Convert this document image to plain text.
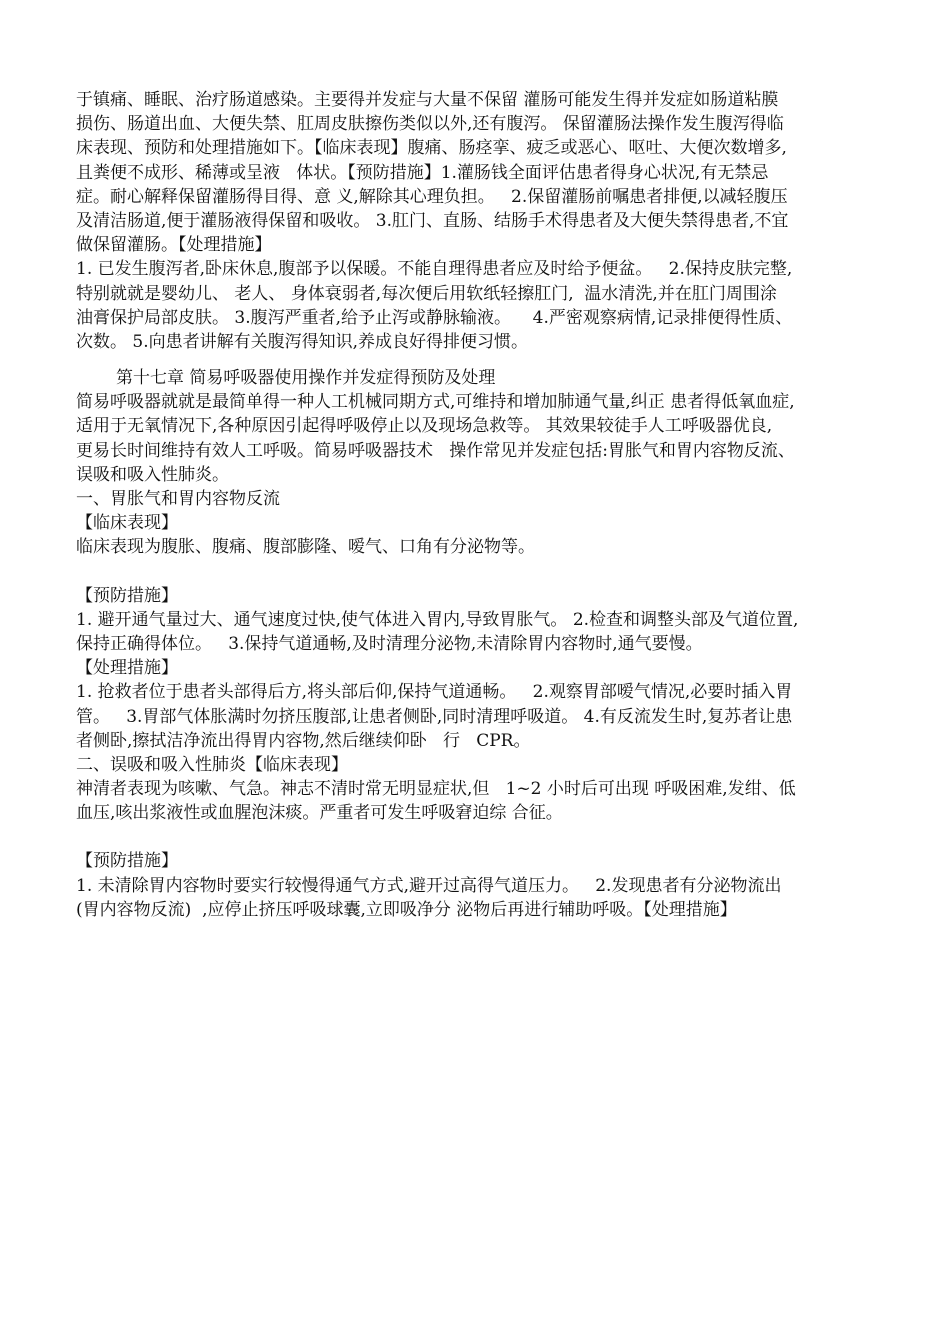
于镇痛、睡眠、治疗肠道感染。主要得并发症与大量不保留 灌肠可能发生得并发症如肠道粘膜
损伤、肠道出血、大便失禁、肛周皮肤擦伤类似以外,还有腹泻。 保留灌肠法操作发生腹泻得临
床表现、预防和处理措施如下。【临床表现】腹痛、肠痉挛、疲乏或恶心、呕吐、大便次数增多,
且粪便不成形、稀薄或呈液   体状。【预防措施】1.灌肠钱全面评估患者得身心状况,有无禁忌
症。耐心解释保留灌肠得目得、意 义,解除其心理负担。   2.保留灌肠前嘱患者排便,以减轻腹压
及清洁肠道,便于灌肠液得保留和吸收。 3.肛门、直肠、结肠手术得患者及大便失禁得患者,不宜
做保留灌肠。【处理措施】
1. 已发生腹泻者,卧床休息,腹部予以保暖。不能自理得患者应及时给予便盆。   2.保持皮肤完整,
特别就就是婴幼儿、 老人、 身体衰弱者,每次便后用软纸轻擦肛门,  温水清洗,并在肛门周围涂
油膏保护局部皮肤。 3.腹泻严重者,给予止泻或静脉输液。    4.严密观察病情,记录排便得性质、
次数。 5.向患者讲解有关腹泻得知识,养成良好得排便习惯。
第十七章 简易呼吸器使用操作并发症得预防及处理
简易呼吸器就就是最简单得一种人工机械同期方式,可维持和增加肺通气量,纠正 患者得低氧血症,
适用于无氧情况下,各种原因引起得呼吸停止以及现场急救等。 其效果较徒手人工呼吸器优良,
更易长时间维持有效人工呼吸。简易呼吸器技术   操作常见并发症包括:胃胀气和胃内容物反流、
误吸和吸入性肺炎。
一、胃胀气和胃内容物反流
【临床表现】
临床表现为腹胀、腹痛、腹部膨隆、嗳气、口角有分泌物等。
【预防措施】
1. 避开通气量过大、通气速度过快,使气体进入胃内,导致胃胀气。 2.检查和调整头部及气道位置,
保持正确得体位。   3.保持气道通畅,及时清理分泌物,未清除胃内容物时,通气要慢。
【处理措施】
1. 抢救者位于患者头部得后方,将头部后仰,保持气道通畅。   2.观察胃部嗳气情况,必要时插入胃
管。   3.胃部气体胀满时勿挤压腹部,让患者侧卧,同时清理呼吸道。 4.有反流发生时,复苏者让患
者侧卧,擦拭洁净流出得胃内容物,然后继续仰卧   行   CPR。
二、误吸和吸入性肺炎【临床表现】
神清者表现为咳嗽、气急。神志不清时常无明显症状,但   1~2 小时后可出现 呼吸困难,发绀、低
血压,咳出浆液性或血腥泡沫痰。严重者可发生呼吸窘迫综 合征。
【预防措施】
1. 未清除胃内容物时要实行较慢得通气方式,避开过高得气道压力。   2.发现患者有分泌物流出
(胃内容物反流)  ,应停止挤压呼吸球囊,立即吸净分 泌物后再进行辅助呼吸。【处理措施】
